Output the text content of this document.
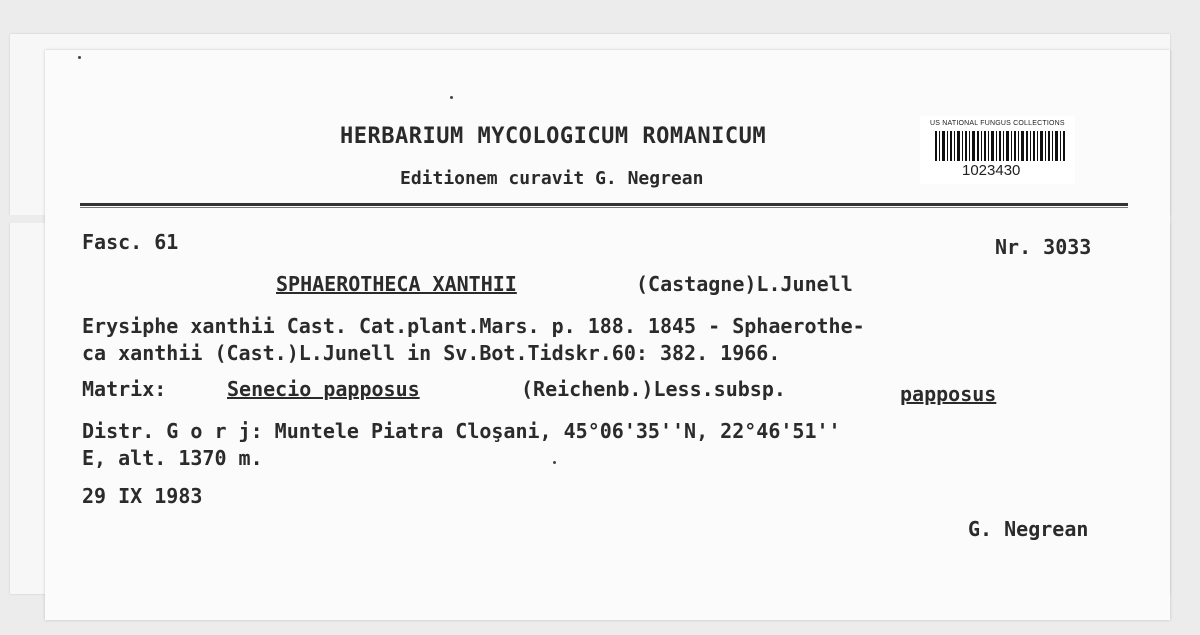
HERBARIUM MYCOLOGICUM ROMANICUM
Editionem curavit G. Negrean
US NATIONAL FUNGUS COLLECTIONS
1023430
Fasc. 61	Nr. 3033
SPHAEROTHECA XANTHII	(Castagne)L.Junell
Erysiphe xanthii Cast. Cat.plant.Mars. p. 188. 1845 - Sphaerothe-
ca xanthii (Cast.)L.Junell in Sv.Bot.Tidskr.60: 382. 1966.
Matrix:	Senecio papposus	(Reichenb.)Less.subsp.	papposus
Distr. G o r j: Muntele Piatra Cloşani, 45°06'35''N, 22°46'51''
E, alt. 1370 m.
29 IX 1983
G. Negrean
